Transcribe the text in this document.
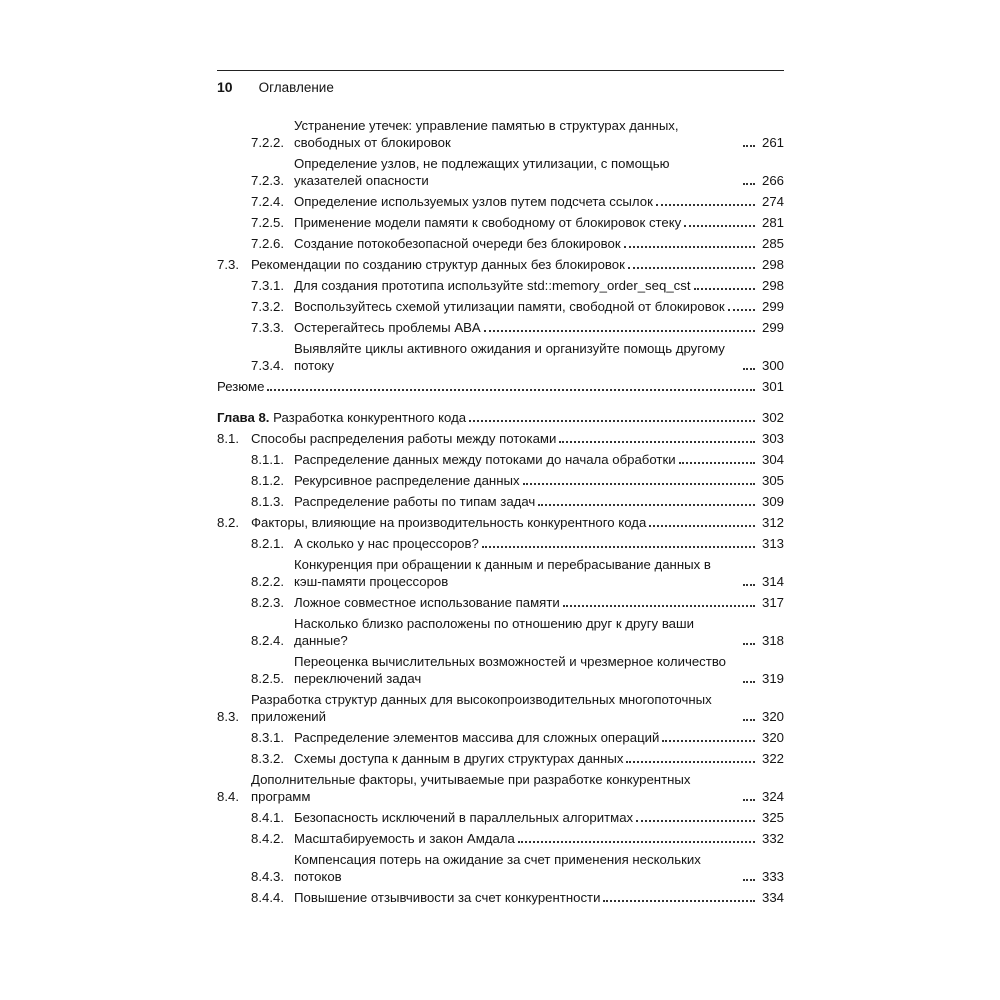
10 Оглавление
7.2.2.
Устранение утечек: управление памятью в структурах данных, свободных от блокировок	261
7.2.3.
Определение узлов, не подлежащих утилизации, с помощью указателей опасности	266
7.2.4. Определение используемых узлов путем подсчета ссылок	274
7.2.5. Применение модели памяти к свободному от блокировок стеку	281
7.2.6. Создание потокобезопасной очереди без блокировок	285
7.3. Рекомендации по созданию структур данных без блокировок	298
7.3.1. Для создания прототипа используйте std::memory_order_seq_cst	298
7.3.2. Воспользуйтесь схемой утилизации памяти, свободной от блокировок	299
7.3.3. Остерегайтесь проблемы ABA	299
7.3.4.
Выявляйте циклы активного ожидания и организуйте помощь другому потоку	300
Резюме	301
Глава 8. Разработка конкурентного кода	302
8.1. Способы распределения работы между потоками	303
8.1.1. Распределение данных между потоками до начала обработки	304
8.1.2. Рекурсивное распределение данных	305
8.1.3. Распределение работы по типам задач	309
8.2. Факторы, влияющие на производительность конкурентного кода	312
8.2.1. А сколько у нас процессоров?	313
8.2.2.
Конкуренция при обращении к данным и перебрасывание данных в кэш-памяти процессоров	314
8.2.3. Ложное совместное использование памяти	317
8.2.4.
Насколько близко расположены по отношению друг к другу ваши данные?	318
8.2.5.
Переоценка вычислительных возможностей и чрезмерное количество переключений задач	319
8.3.
Разработка структур данных для высокопроизводительных многопоточных приложений	320
8.3.1. Распределение элементов массива для сложных операций	320
8.3.2. Схемы доступа к данным в других структурах данных	322
8.4.
Дополнительные факторы, учитываемые при разработке конкурентных программ	324
8.4.1. Безопасность исключений в параллельных алгоритмах	325
8.4.2. Масштабируемость и закон Амдала	332
8.4.3.
Компенсация потерь на ожидание за счет применения нескольких потоков	333
8.4.4. Повышение отзывчивости за счет конкурентности	334
